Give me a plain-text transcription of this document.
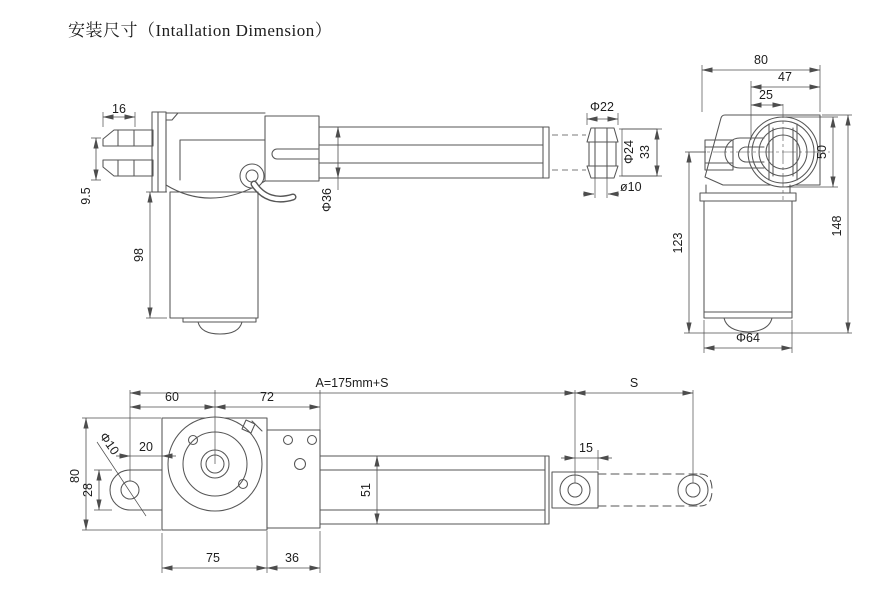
安装尺寸（Intallation Dimension）
16
9.5
98
Φ36
Φ22
Φ24 33
ø10
80
47
25
50
123
148
Φ64
A=175mm+S	S
60	72
20
80
28
Φ10
75	36
51
15
